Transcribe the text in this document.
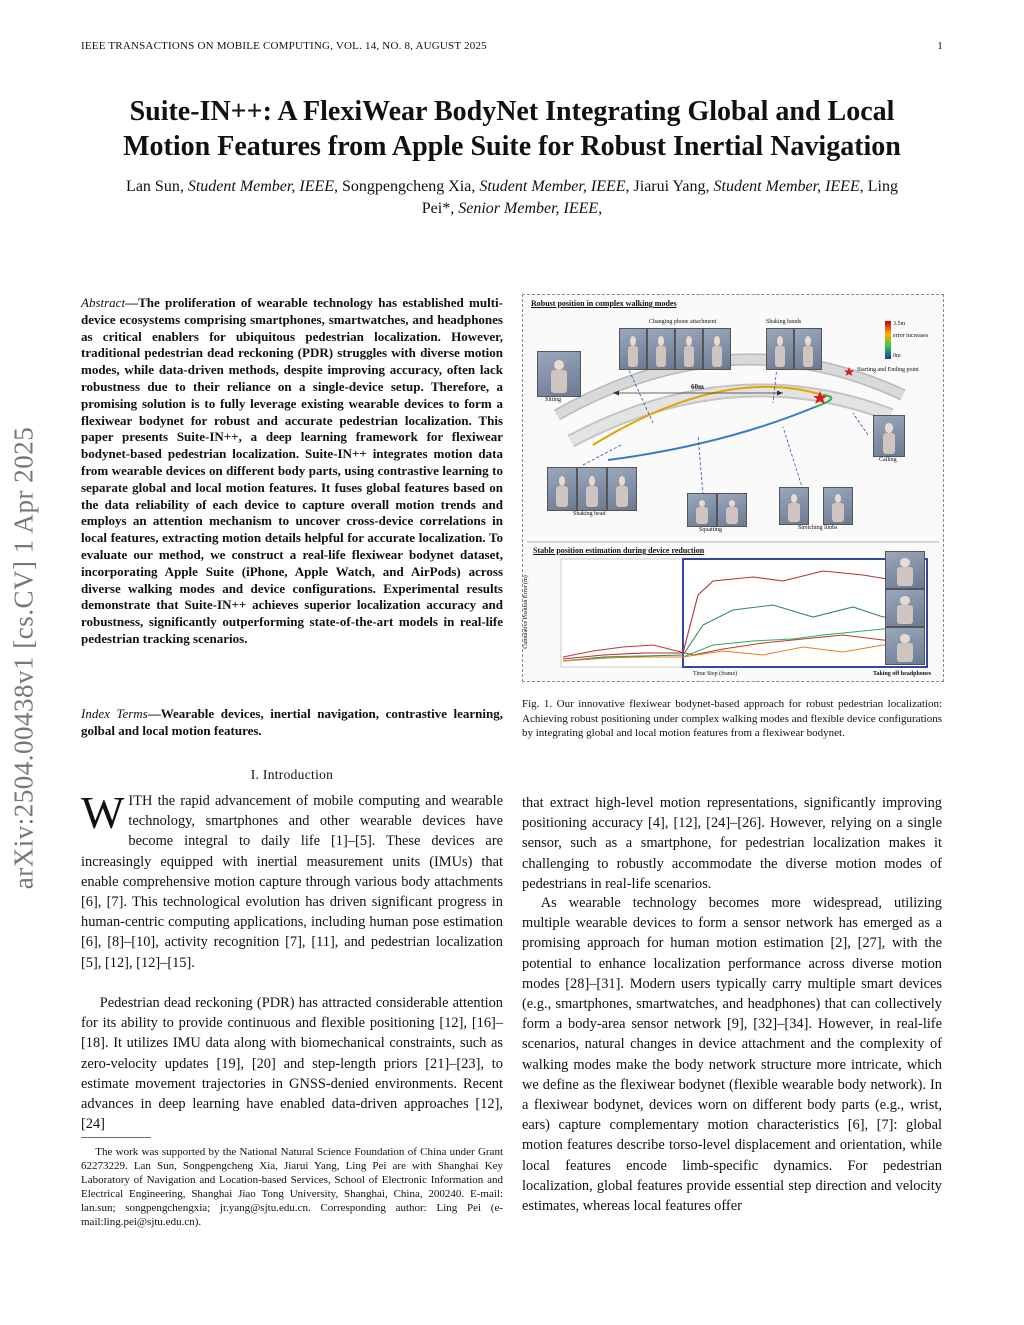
IEEE TRANSACTIONS ON MOBILE COMPUTING, VOL. 14, NO. 8, AUGUST 2025	1
Suite-IN++: A FlexiWear BodyNet Integrating Global and Local
Motion Features from Apple Suite for Robust Inertial Navigation
Lan Sun, Student Member, IEEE, Songpengcheng Xia, Student Member, IEEE, Jiarui Yang, Student Member, IEEE, Ling Pei*, Senior Member, IEEE,
arXiv:2504.00438v1 [cs.CV] 1 Apr 2025
Abstract—The proliferation of wearable technology has established multi-device ecosystems comprising smartphones, smartwatches, and headphones as critical enablers for ubiquitous pedestrian localization. However, traditional pedestrian dead reckoning (PDR) struggles with diverse motion modes, while data-driven methods, despite improving accuracy, often lack robustness due to their reliance on a single-device setup. Therefore, a promising solution is to fully leverage existing wearable devices to form a flexiwear bodynet for robust and accurate pedestrian localization. This paper presents Suite-IN++, a deep learning framework for flexiwear bodynet-based pedestrian localization. Suite-IN++ integrates motion data from wearable devices on different body parts, using contrastive learning to separate global and local motion features. It fuses global features based on the data reliability of each device to capture overall motion trends and employs an attention mechanism to uncover cross-device correlations in local features, extracting motion details helpful for accurate localization. To evaluate our method, we construct a real-life flexiwear bodynet dataset, incorporating Apple Suite (iPhone, Apple Watch, and AirPods) across diverse walking modes and device configurations. Experimental results demonstrate that Suite-IN++ achieves superior localization accuracy and robustness, significantly outperforming state-of-the-art models in real-life pedestrian tracking scenarios.
Index Terms—Wearable devices, inertial navigation, contrastive learning, golbal and local motion features.
I. Introduction
WITH the rapid advancement of mobile computing and wearable technology, smartphones and other wearable devices have become integral to daily life [1]–[5]. These devices are increasingly equipped with inertial measurement units (IMUs) that enable comprehensive motion capture through various body attachments [6], [7]. This technological evolution has driven significant progress in human-centric computing applications, including human pose estimation [6], [8]–[10], activity recognition [7], [11], and pedestrian localization [5], [12], [12]–[15].
Pedestrian dead reckoning (PDR) has attracted considerable attention for its ability to provide continuous and flexible positioning [12], [16]–[18]. It utilizes IMU data along with biomechanical constraints, such as zero-velocity updates [19], [20] and step-length priors [21]–[23], to estimate movement trajectories in GNSS-denied environments. Recent advances in deep learning have enabled data-driven approaches [12], [24]
The work was supported by the National Natural Science Foundation of China under Grant 62273229. Lan Sun, Songpengcheng Xia, Jiarui Yang, Ling Pei are with Shanghai Key Laboratory of Navigation and Location-based Services, School of Electronic Information and Electrical Engineering, Shanghai Jiao Tong University, Shanghai, China, 200240. E-mail: lan.sun; songpengchengxia; jr.yang@sjtu.edu.cn. Corresponding author: Ling Pei (e-mail:ling.pei@sjtu.edu.cn).
Robust position in complex walking modes
Changing phone attachment	Shaking hands
Sitting
60m
3.5m
error increases
0m
Starting and Ending point
Calling
Shaking head
Squatting	Stretching limbs
Stable position estimation during device reduction
Taking off headphones
Time Step (frame)
Cumulative Position Error (m)
Fig. 1. Our innovative flexiwear bodynet-based approach for robust pedestrian localization: Achieving robust positioning under complex walking modes and flexible device configurations by integrating global and local motion features from a flexiwear bodynet.
that extract high-level motion representations, significantly improving positioning accuracy [4], [12], [24]–[26]. However, relying on a single sensor, such as a smartphone, for pedestrian localization makes it challenging to robustly accommodate the diverse motion modes of pedestrians in real-life scenarios.
As wearable technology becomes more widespread, utilizing multiple wearable devices to form a sensor network has emerged as a promising approach for human motion estimation [2], [27], with the potential to enhance localization performance across diverse motion modes [28]–[31]. Modern users typically carry multiple smart devices (e.g., smartphones, smartwatches, and headphones) that can collectively form a body-area sensor network [9], [32]–[34]. However, in real-life scenarios, natural changes in device attachment and the complexity of walking modes make the body network structure more intricate, which we define as the flexiwear bodynet (flexible wearable body network). In a flexiwear bodynet, devices worn on different body parts (e.g., wrist, ears) capture complementary motion characteristics [6], [7]: global motion features describe torso-level displacement and orientation, while local features encode limb-specific dynamics. For pedestrian localization, global features provide essential step direction and velocity estimates, whereas local features offer
